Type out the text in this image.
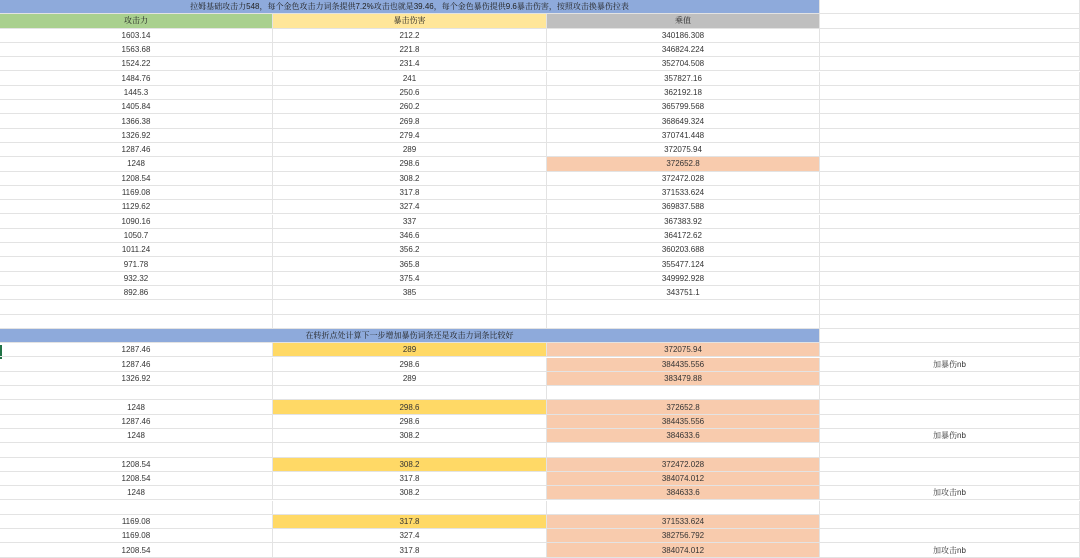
拉姆基础攻击力548，每个金色攻击力词条提供7.2%攻击也就是39.46，每个金色暴伤提供9.6暴击伤害，按照攻击换暴伤拉表
攻击力	暴击伤害	乘值
1603.14	212.2	340186.308
1563.68	221.8	346824.224
1524.22	231.4	352704.508
1484.76	241	357827.16
1445.3	250.6	362192.18
1405.84	260.2	365799.568
1366.38	269.8	368649.324
1326.92	279.4	370741.448
1287.46	289	372075.94
1248	298.6	372652.8
1208.54	308.2	372472.028
1169.08	317.8	371533.624
1129.62	327.4	369837.588
1090.16	337	367383.92
1050.7	346.6	364172.62
1011.24	356.2	360203.688
971.78	365.8	355477.124
932.32	375.4	349992.928
892.86	385	343751.1
在转折点处计算下一步增加暴伤词条还是攻击力词条比较好
1287.46	289	372075.94
1287.46	298.6	384435.556	加暴伤nb
1326.92	289	383479.88
1248	298.6	372652.8
1287.46	298.6	384435.556
1248	308.2	384633.6	加暴伤nb
1208.54	308.2	372472.028
1208.54	317.8	384074.012
1248	308.2	384633.6	加攻击nb
1169.08	317.8	371533.624
1169.08	327.4	382756.792
1208.54	317.8	384074.012	加攻击nb
